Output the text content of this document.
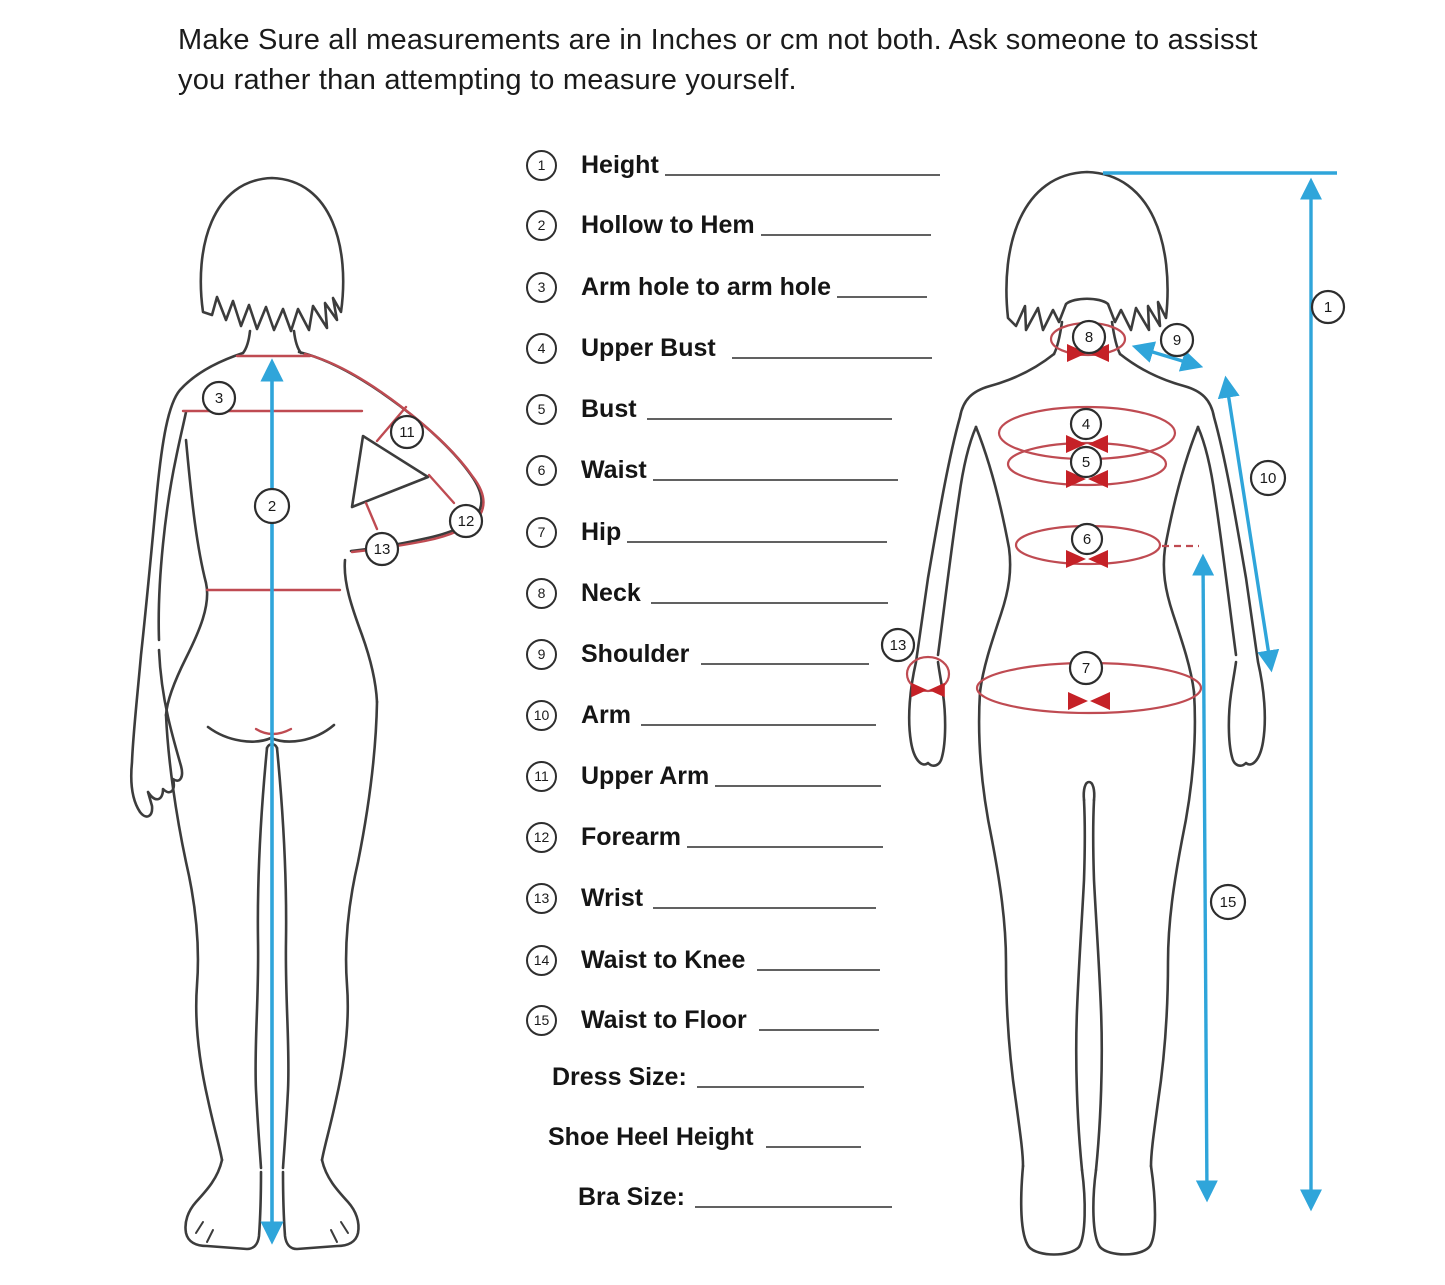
Make Sure all measurements are in Inches or cm not both. Ask someone to assisst you rather than attempting to measure yourself.
3
2
11
12
13
8	9
4
5
6
7
13
10
15
1
1 Height
2 Hollow to Hem
3 Arm hole to arm hole
4 Upper Bust
5 Bust
6 Waist
7 Hip
8 Neck
9 Shoulder
10 Arm
11 Upper Arm
12 Forearm
13 Wrist
14 Waist to Knee
15 Waist to Floor
Dress Size:
Shoe Heel Height
Bra Size:
